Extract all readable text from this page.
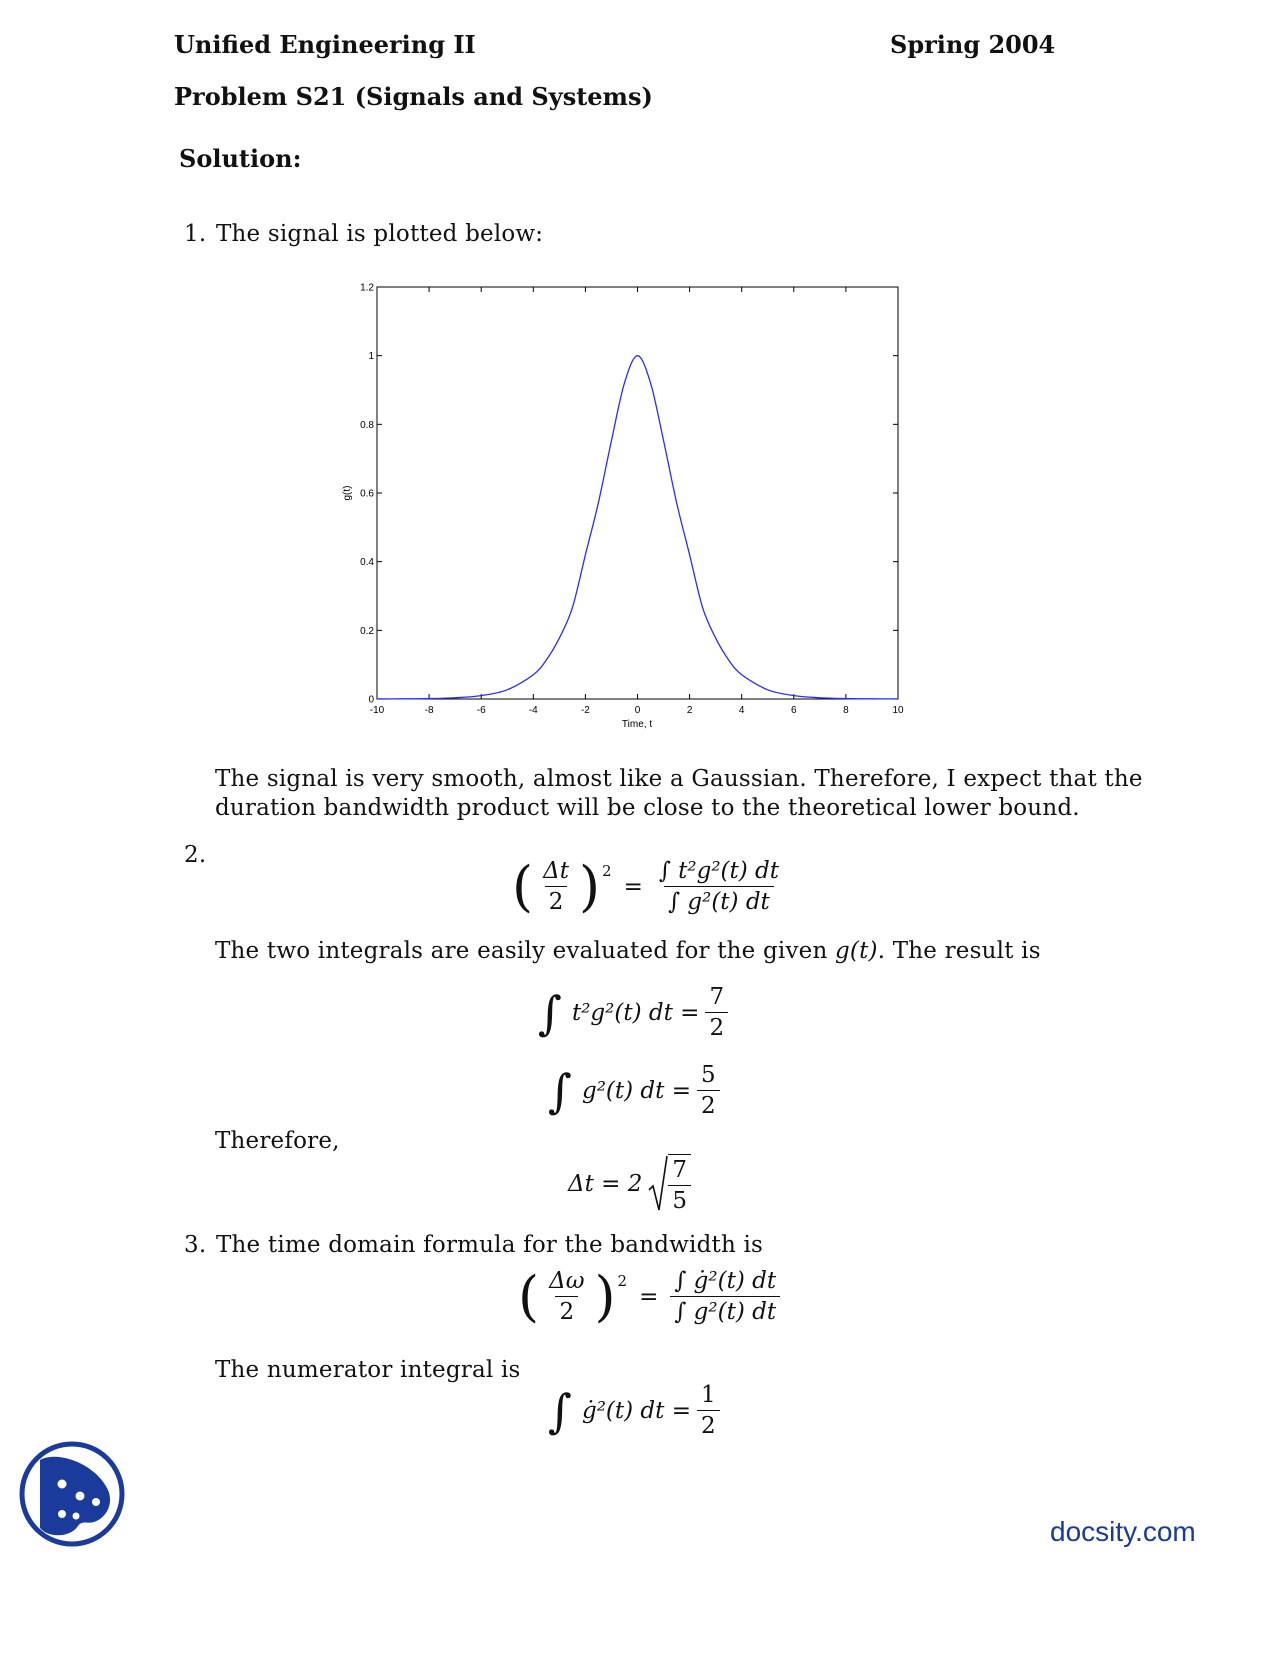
Unified Engineering II	Spring 2004
Problem S21 (Signals and Systems)
Solution:
1. The signal is plotted below:
-10	-8	-6	-4	-2	0	2	4	6	8	10
0
0.2
0.4
0.6
0.8
1
1.2
Time, t
g(t)
The signal is very smooth, almost like a Gaussian. Therefore, I expect that the
duration bandwidth product will be close to the theoretical lower bound.
2.	( $\frac{\Delta t}{2} )^2$
= $\frac{\text{∫ t²g²(t) dt}}{\text{∫ g²(t) dt}}$
The two integrals are easily evaluated for the given g(t). The result is
∫ t²g²(t) dt = $\frac{7}{2}$
∫ g²(t) dt = $\frac{5}{2}$
Therefore,
$\Delta t = 2 \frac{7}{5}$
3. The time domain formula for the bandwidth is
( $\frac{\Delta\omega}{2} )^2$
= $\frac{\text{∫ ġ²(t) dt}}{\text{∫ g²(t) dt}}$
The numerator integral is
∫ ġ²(t) dt = $\frac{1}{2}$
docsity.com
